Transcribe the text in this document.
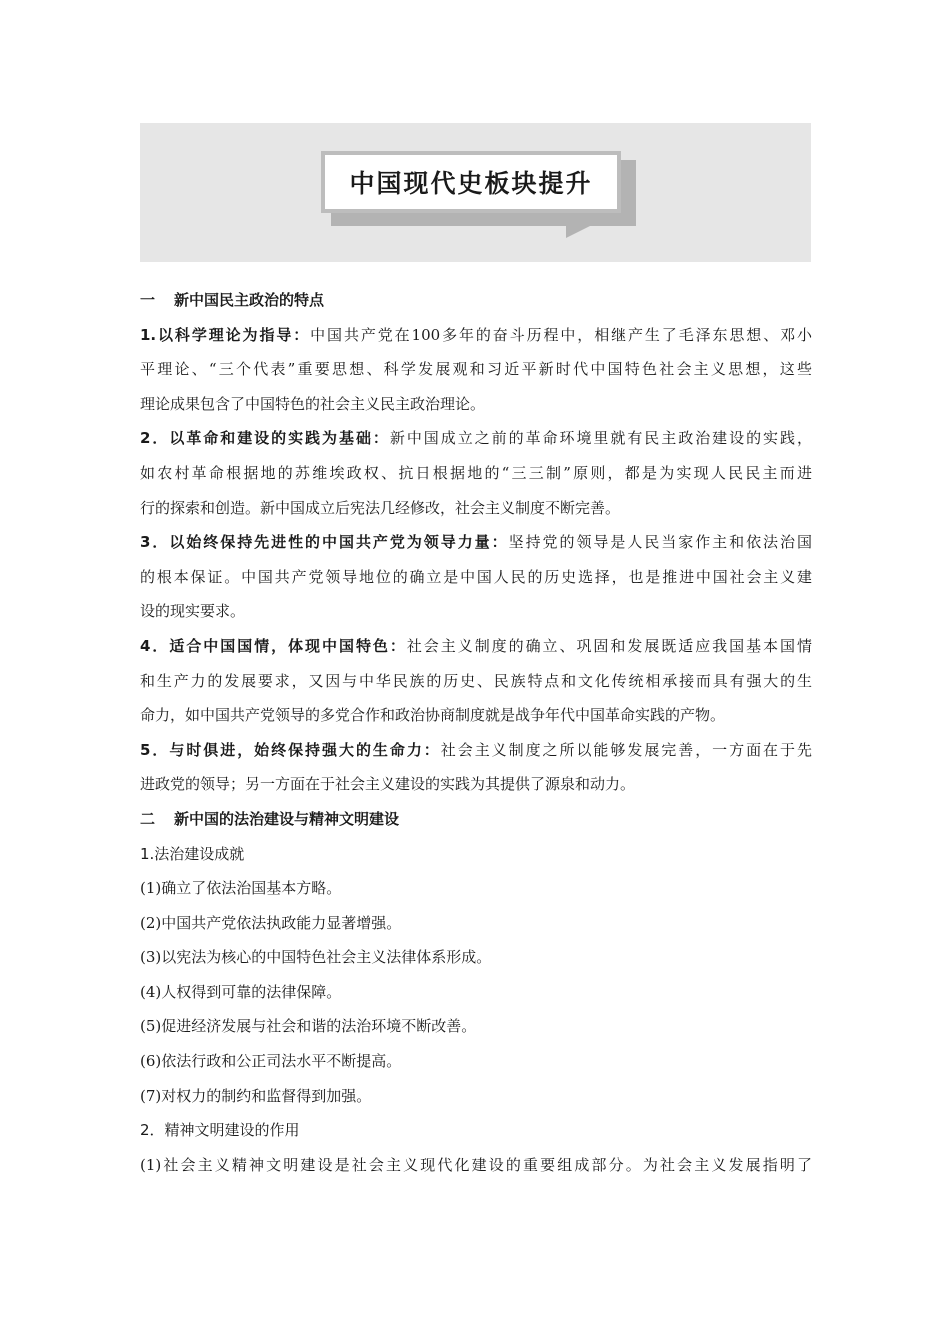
中国现代史板块提升
一 新中国民主政治的特点
1.以科学理论为指导：中国共产党在100多年的奋斗历程中，相继产生了毛泽东思想、邓小
平理论、“三个代表”重要思想、科学发展观和习近平新时代中国特色社会主义思想，这些
理论成果包含了中国特色的社会主义民主政治理论。
2．以革命和建设的实践为基础：新中国成立之前的革命环境里就有民主政治建设的实践，
如农村革命根据地的苏维埃政权、抗日根据地的“三三制”原则，都是为实现人民民主而进
行的探索和创造。新中国成立后宪法几经修改，社会主义制度不断完善。
3．以始终保持先进性的中国共产党为领导力量：坚持党的领导是人民当家作主和依法治国
的根本保证。中国共产党领导地位的确立是中国人民的历史选择，也是推进中国社会主义建
设的现实要求。
4．适合中国国情，体现中国特色：社会主义制度的确立、巩固和发展既适应我国基本国情
和生产力的发展要求，又因与中华民族的历史、民族特点和文化传统相承接而具有强大的生
命力，如中国共产党领导的多党合作和政治协商制度就是战争年代中国革命实践的产物。
5．与时俱进，始终保持强大的生命力：社会主义制度之所以能够发展完善，一方面在于先
进政党的领导；另一方面在于社会主义建设的实践为其提供了源泉和动力。
二 新中国的法治建设与精神文明建设
1.法治建设成就
(1)确立了依法治国基本方略。
(2)中国共产党依法执政能力显著增强。
(3)以宪法为核心的中国特色社会主义法律体系形成。
(4)人权得到可靠的法律保障。
(5)促进经济发展与社会和谐的法治环境不断改善。
(6)依法行政和公正司法水平不断提高。
(7)对权力的制约和监督得到加强。
2．精神文明建设的作用
(1)社会主义精神文明建设是社会主义现代化建设的重要组成部分。为社会主义发展指明了
